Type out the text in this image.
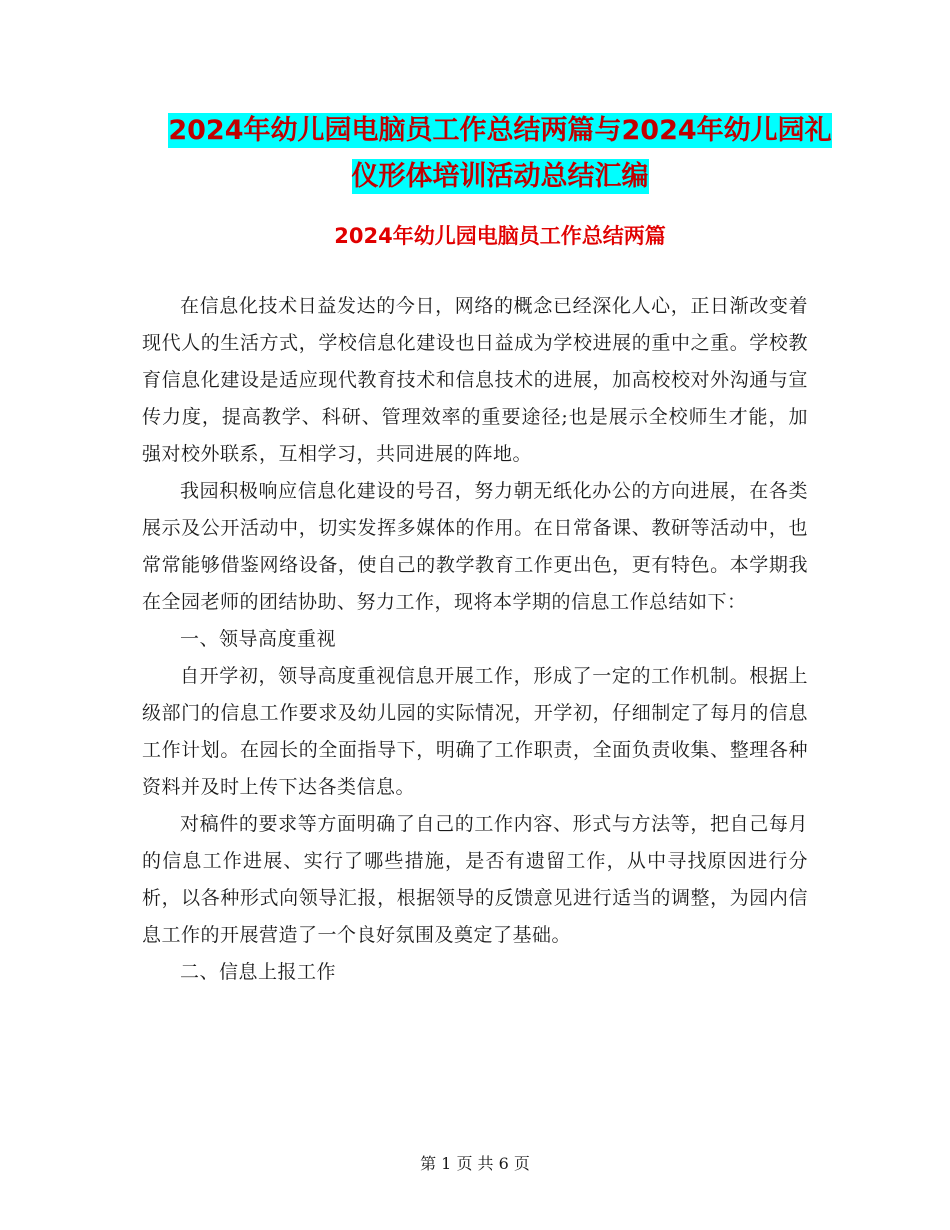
2024年幼儿园电脑员工作总结两篇与2024年幼儿园礼
仪形体培训活动总结汇编
2024年幼儿园电脑员工作总结两篇

在信息化技术日益发达的今日，网络的概念已经深化人心，正日渐改变着现代人的生活方式，学校信息化建设也日益成为学校进展的重中之重。学校教育信息化建设是适应现代教育技术和信息技术的进展，加高校校对外沟通与宣传力度，提高教学、科研、管理效率的重要途径;也是展示全校师生才能，加强对校外联系，互相学习，共同进展的阵地。

我园积极响应信息化建设的号召，努力朝无纸化办公的方向进展，在各类展示及公开活动中，切实发挥多媒体的作用。在日常备课、教研等活动中，也常常能够借鉴网络设备，使自己的教学教育工作更出色，更有特色。本学期我在全园老师的团结协助、努力工作，现将本学期的信息工作总结如下：

一、领导高度重视

自开学初，领导高度重视信息开展工作，形成了一定的工作机制。根据上级部门的信息工作要求及幼儿园的实际情况，开学初，仔细制定了每月的信息工作计划。在园长的全面指导下，明确了工作职责，全面负责收集、整理各种资料并及时上传下达各类信息。

对稿件的要求等方面明确了自己的工作内容、形式与方法等，把自己每月的信息工作进展、实行了哪些措施，是否有遗留工作，从中寻找原因进行分析，以各种形式向领导汇报，根据领导的反馈意见进行适当的调整，为园内信息工作的开展营造了一个良好氛围及奠定了基础。

二、信息上报工作

第 1 页 共 6 页
